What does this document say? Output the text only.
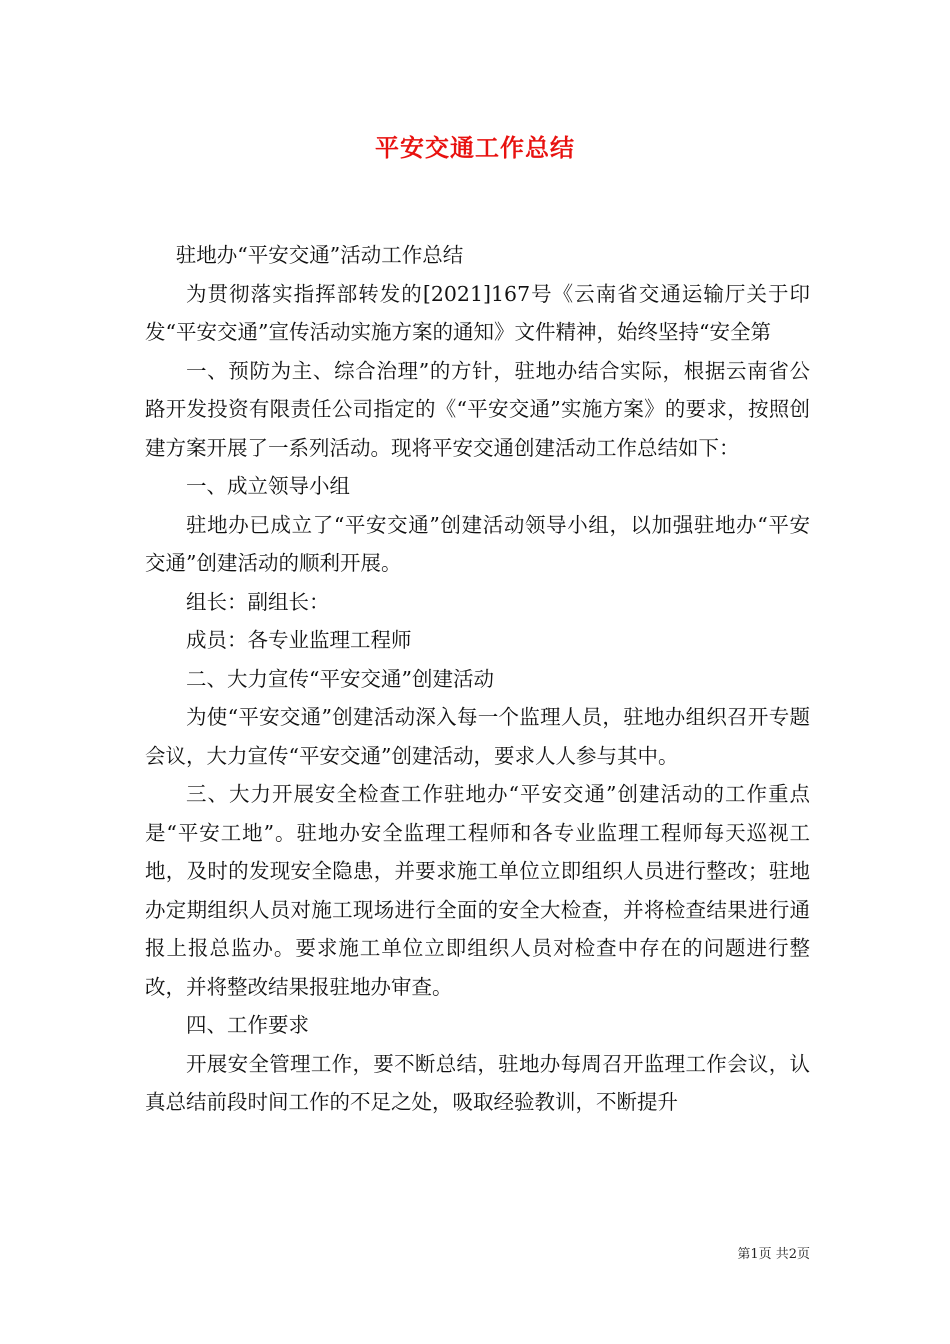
平安交通工作总结

驻地办“平安交通”活动工作总结

为贯彻落实指挥部转发的[2021]167号《云南省交通运输厅关于印发“平安交通”宣传活动实施方案的通知》文件精神，始终坚持“安全第

一、预防为主、综合治理”的方针，驻地办结合实际，根据云南省公路开发投资有限责任公司指定的《“平安交通”实施方案》的要求，按照创建方案开展了一系列活动。现将平安交通创建活动工作总结如下：

一、成立领导小组

驻地办已成立了“平安交通”创建活动领导小组，以加强驻地办“平安交通”创建活动的顺利开展。

组长：副组长：

成员：各专业监理工程师

二、大力宣传“平安交通”创建活动

为使“平安交通”创建活动深入每一个监理人员，驻地办组织召开专题会议，大力宣传“平安交通”创建活动，要求人人参与其中。

三、大力开展安全检查工作驻地办“平安交通”创建活动的工作重点是“平安工地”。驻地办安全监理工程师和各专业监理工程师每天巡视工地，及时的发现安全隐患，并要求施工单位立即组织人员进行整改；驻地办定期组织人员对施工现场进行全面的安全大检查，并将检查结果进行通报上报总监办。要求施工单位立即组织人员对检查中存在的问题进行整改，并将整改结果报驻地办审查。

四、工作要求

开展安全管理工作，要不断总结，驻地办每周召开监理工作会议，认真总结前段时间工作的不足之处，吸取经验教训，不断提升

第1页 共2页
